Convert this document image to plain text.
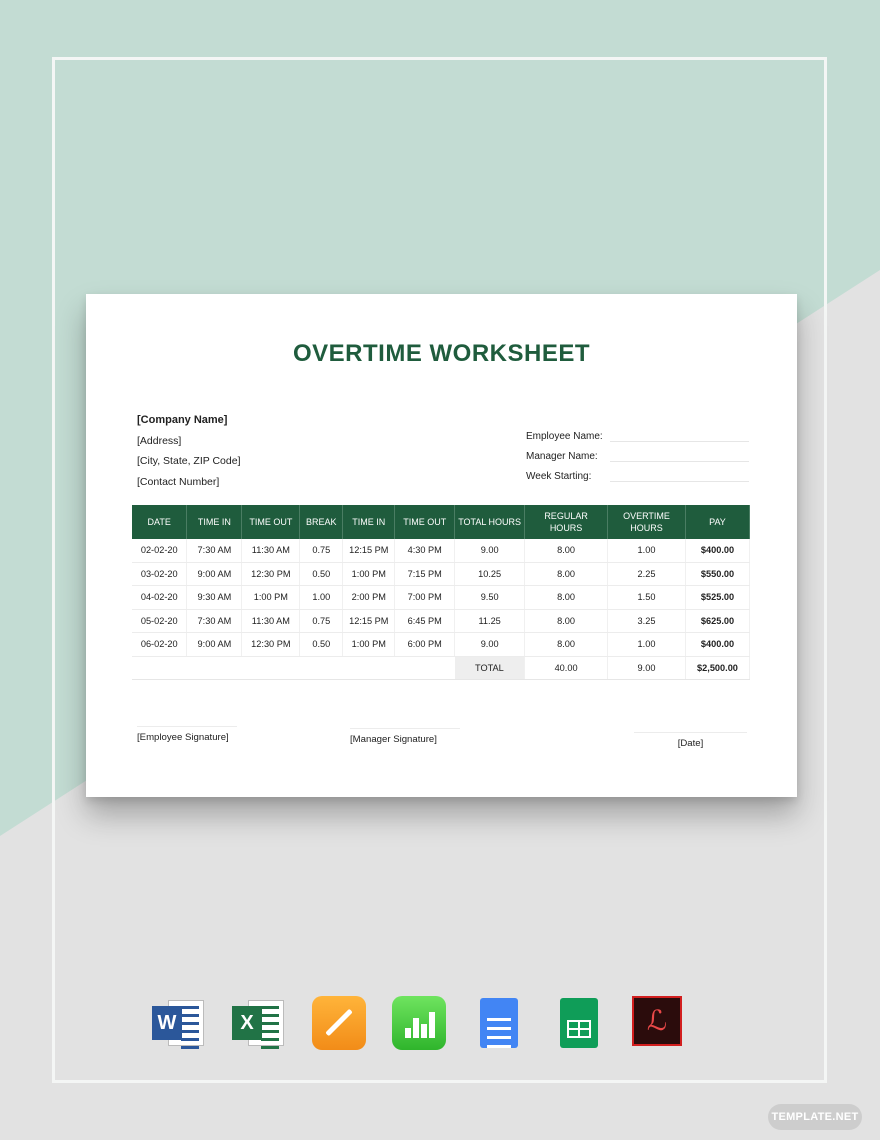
OVERTIME WORKSHEET
[Company Name]
[Address]
[City, State, ZIP Code]
[Contact Number]
Employee Name:
Manager Name:
Week Starting:
DATE	TIME IN	TIME OUT	BREAK	TIME IN	TIME OUT	TOTAL HOURS	REGULAR HOURS	OVERTIME HOURS	PAY
02-02-20	7:30 AM	11:30 AM	0.75	12:15 PM	4:30 PM	9.00	8.00	1.00	$400.00
03-02-20	9:00 AM	12:30 PM	0.50	1:00 PM	7:15 PM	10.25	8.00	2.25	$550.00
04-02-20	9:30 AM	1:00 PM	1.00	2:00 PM	7:00 PM	9.50	8.00	1.50	$525.00
05-02-20	7:30 AM	11:30 AM	0.75	12:15 PM	6:45 PM	11.25	8.00	3.25	$625.00
06-02-20	9:00 AM	12:30 PM	0.50	1:00 PM	6:00 PM	9.00	8.00	1.00	$400.00
						TOTAL	40.00	9.00	$2,500.00
[Employee Signature]	[Manager Signature]	[Date]
W	X	ℒ
TEMPLATE.NET
